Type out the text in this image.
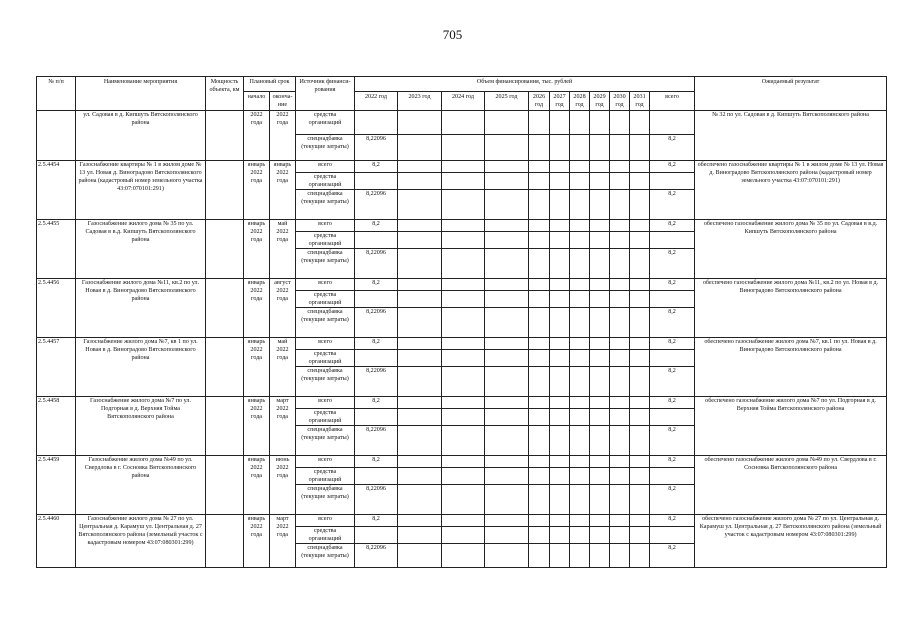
705
№ п/п	Наименование мероприятия	Мощность объекта, км	Плановый срок		Источник финанси-рования	Объем финансирования, тыс. рублей											Ожидаемый результат
			начало	оконча-ние		2022 год	2023 год	2024 год	2025 год	2026 год	2027 год	2028 год	2029 год	2030 год	2031 год	всего	
	ул. Садовая в д. Кипшуть Вятскополянского района		2022 года	2022 года	средства организаций												№ 32 по ул. Садовая в д. Кипшуть Вятскополянского района
					спецнадбавка (текущие затраты)	8,22096										8,2	
2.5.4454	Газоснабжение квартиры № 1 в жилом доме № 13 ул. Новая д. Виноградово Вятскополянского района (кадастровый номер земельного участка 43:07:070101:291)		январь 2022 года	январь 2022 года	всего	8,2										8,2	обеспечено газоснабжение квартиры № 1 в жилом доме № 13 ул. Новая д. Виноградово Вятскополянского района (кадастровый номер земельного участка 43:07:070101:291)
					средства организаций												
					спецнадбавка (текущие затраты)	8,22096										8,2	
2.5.4455	Газоснабжение жилого дома № 35 по ул. Садовая в в.д. Кипшуть Вятскополянского района		январь 2022 года	май 2022 года	всего	8,2										8,2	обеспечено газоснабжение жилого дома № 35 по ул. Садовая в в.д. Кипшуть Вятскополянского района
					средства организаций												
					спецнадбавка (текущие затраты)	8,22096										8,2	
2.5.4456	Газоснабжение жилого дома №11, кв.2 по ул. Новая в д. Виноградово Вятскополянского района		январь 2022 года	август 2022 года	всего	8,2										8,2	обеспечено газоснабжение жилого дома №11, кв.2 по ул. Новая в д. Виноградово Вятскополянского района
					средства организаций												
					спецнадбавка (текущие затраты)	8,22096										8,2	
2.5.4457	Газоснабжение жилого дома №7, кв 1 по ул. Новая в д. Виноградово Вятскополянского района		январь 2022 года	май 2022 года	всего	8,2										8,2	обеспечено газоснабжение жилого дома №7, кв.1 по ул. Новая в д. Виноградово Вятскополянского района
					средства организаций												
					спецнадбавка (текущие затраты)	8,22096										8,2	
2.5.4458	Газоснабжение жилого дома №7 по ул. Подгорная в д. Верхняя Тойма Вятскополянского района		январь 2022 года	март 2022 года	всего	8,2										8,2	обеспечено газоснабжение жилого дома №7 по ул. Подгорная в д. Верхняя Тойма Вятскополянского района
					средства организаций												
					спецнадбавка (текущие затраты)	8,22096										8,2	
2.5.4459	Газоснабжение жилого дома №49 по ул. Свердлова в г. Сосновка Вятскополянского района		январь 2022 года	июнь 2022 года	всего	8,2										8,2	обеспечено газоснабжение жилого дома №49 по ул. Свердлова в г. Сосновка Вятскополянского района
					средства организаций												
					спецнадбавка (текущие затраты)	8,22096										8,2	
2.5.4460	Газоснабжение жилого дома № 27 по ул. Центральная д. Карамуш ул. Центральная д. 27 Вятскополянского района (земельный участок с кадастровым номером 43:07:080301:299)		январь 2022 года	март 2022 года	всего	8,2										8,2	обеспечено газоснабжение жилого дома № 27 по ул. Центральная д. Карамуш ул. Центральная д. 27 Вятскополянского района (земельный участок с кадастровым номером 43:07:080301:299)
					средства организаций												
					спецнадбавка (текущие затраты)	8,22096										8,2	
